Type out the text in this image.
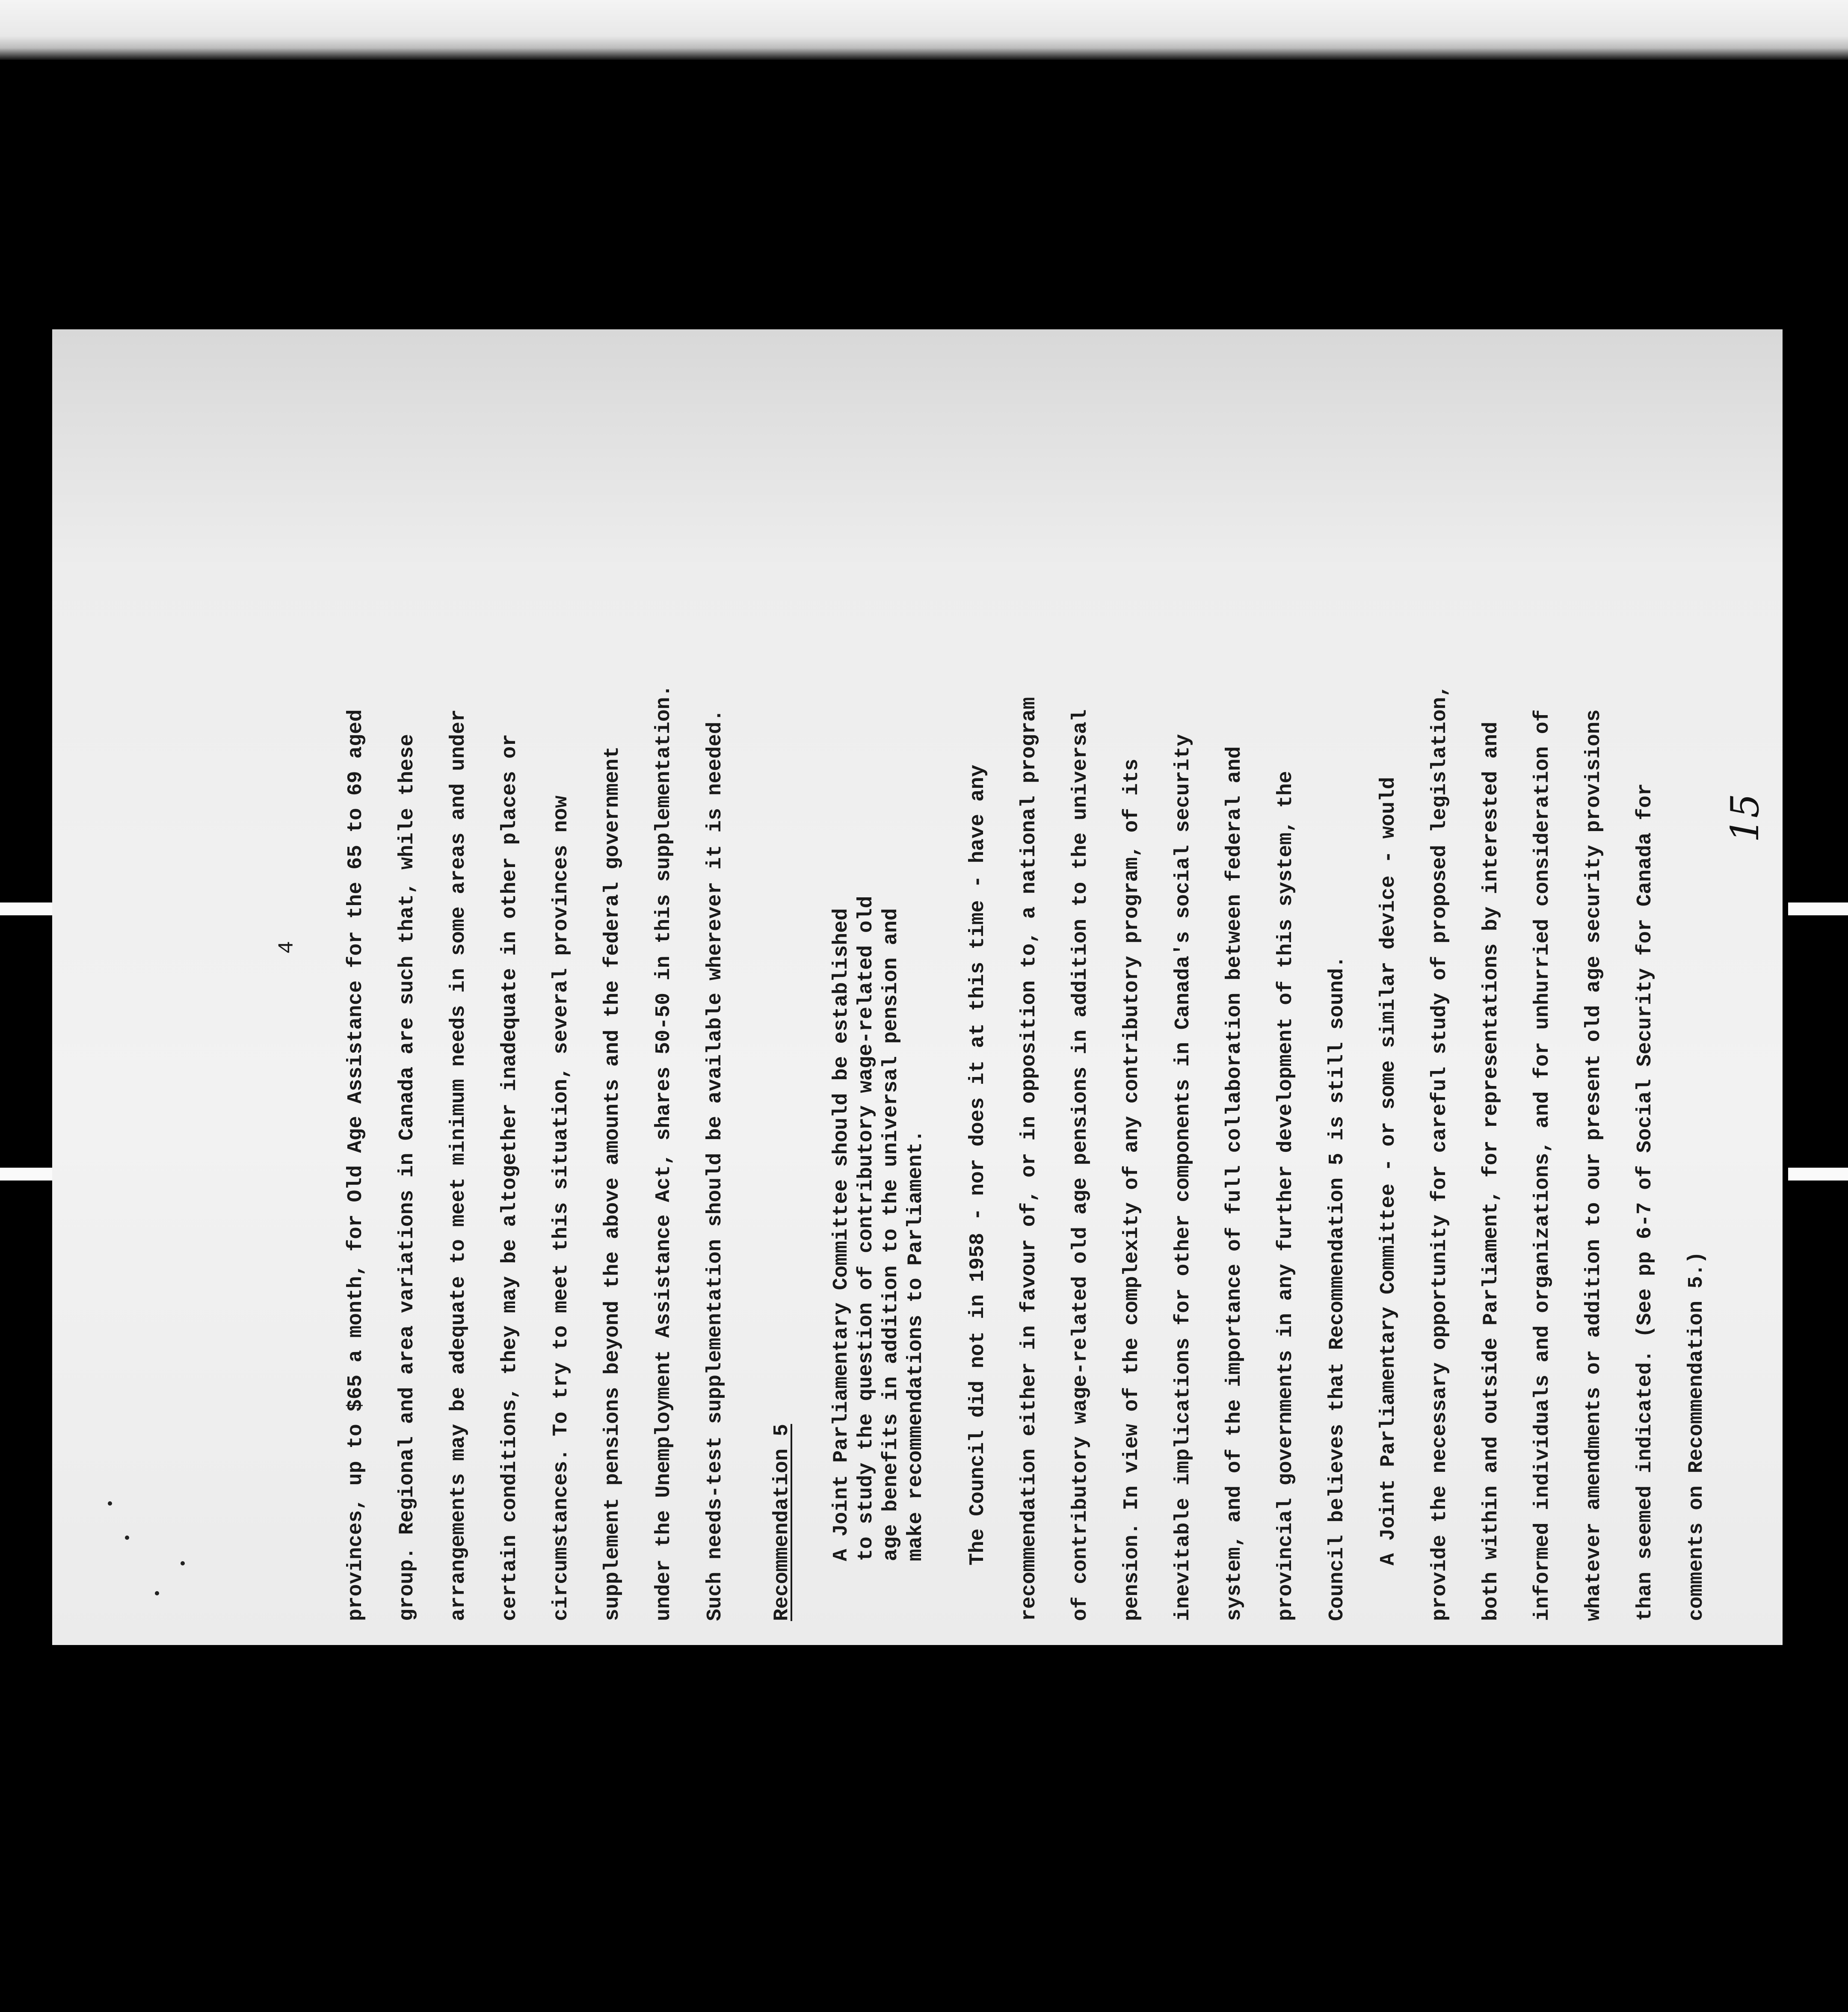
15
4	provinces, up to $65 a month, for Old Age Assistance for the 65 to 69 aged	group. Regional and area variations in Canada are such that, while these	arrangements may be adequate to meet minimum needs in some areas and under	certain conditions, they may be altogether inadequate in other places or	circumstances. To try to meet this situation, several provinces now	supplement pensions beyond the above amounts and the federal government	under the Unemployment Assistance Act, shares 50-50 in this supplementation.	Such needs-test supplementation should be available wherever it is needed.	Recommendation 5	A Joint Parliamentary Committee should be established to study the question of contributory wage-related old age benefits in addition to the universal pension and make recommendations to Parliament.	The Council did not in 1958 - nor does it at this time - have any	recommendation either in favour of, or in opposition to, a national program	of contributory wage-related old age pensions in addition to the universal	pension. In view of the complexity of any contributory program, of its	inevitable implications for other components in Canada's social security	system, and of the importance of full collaboration between federal and	provincial governments in any further development of this system, the	Council believes that Recommendation 5 is still sound.	A Joint Parliamentary Committee - or some similar device - would	provide the necessary opportunity for careful study of proposed legislation,	both within and outside Parliament, for representations by interested and	informed individuals and organizations, and for unhurried consideration of	whatever amendments or addition to our present old age security provisions	than seemed indicated. (See pp 6-7 of Social Security for Canada for	comments on Recommendation 5.)
